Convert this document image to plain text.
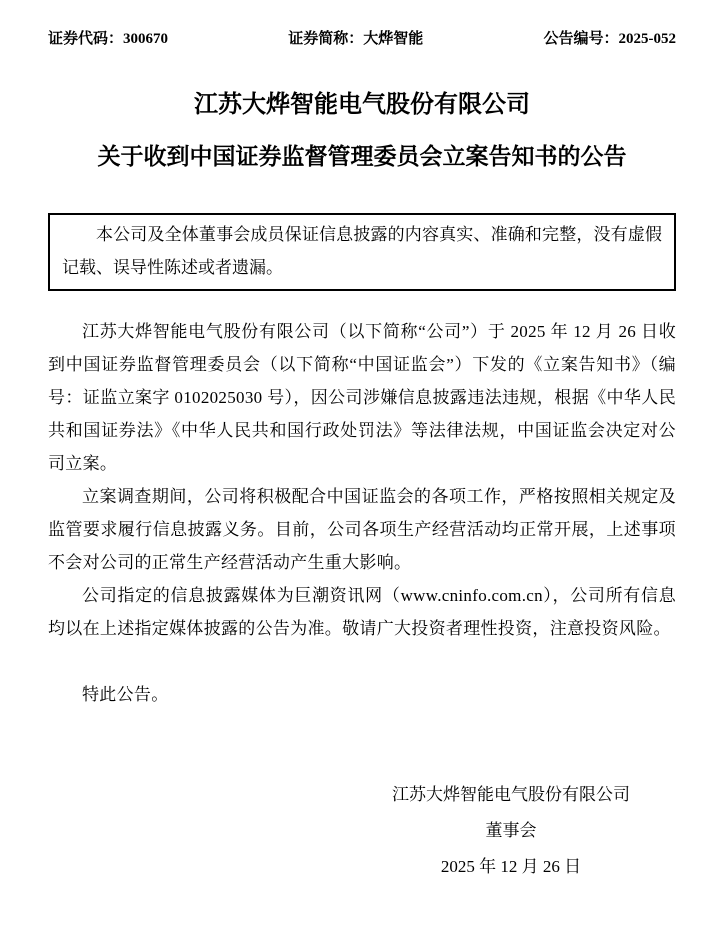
证券代码：300670	证券简称：大烨智能	公告编号：2025-052
江苏大烨智能电气股份有限公司
关于收到中国证券监督管理委员会立案告知书的公告

本公司及全体董事会成员保证信息披露的内容真实、准确和完整，没有虚假记载、误导性陈述或者遗漏。

江苏大烨智能电气股份有限公司（以下简称“公司”）于 2025 年 12 月 26 日收到中国证券监督管理委员会（以下简称“中国证监会”）下发的《立案告知书》（编号：证监立案字 0102025030 号），因公司涉嫌信息披露违法违规，根据《中华人民共和国证券法》《中华人民共和国行政处罚法》等法律法规，中国证监会决定对公司立案。

立案调查期间，公司将积极配合中国证监会的各项工作，严格按照相关规定及监管要求履行信息披露义务。目前，公司各项生产经营活动均正常开展，上述事项不会对公司的正常生产经营活动产生重大影响。

公司指定的信息披露媒体为巨潮资讯网（www.cninfo.com.cn），公司所有信息均以在上述指定媒体披露的公告为准。敬请广大投资者理性投资，注意投资风险。

特此公告。

江苏大烨智能电气股份有限公司
董事会
2025 年 12 月 26 日
